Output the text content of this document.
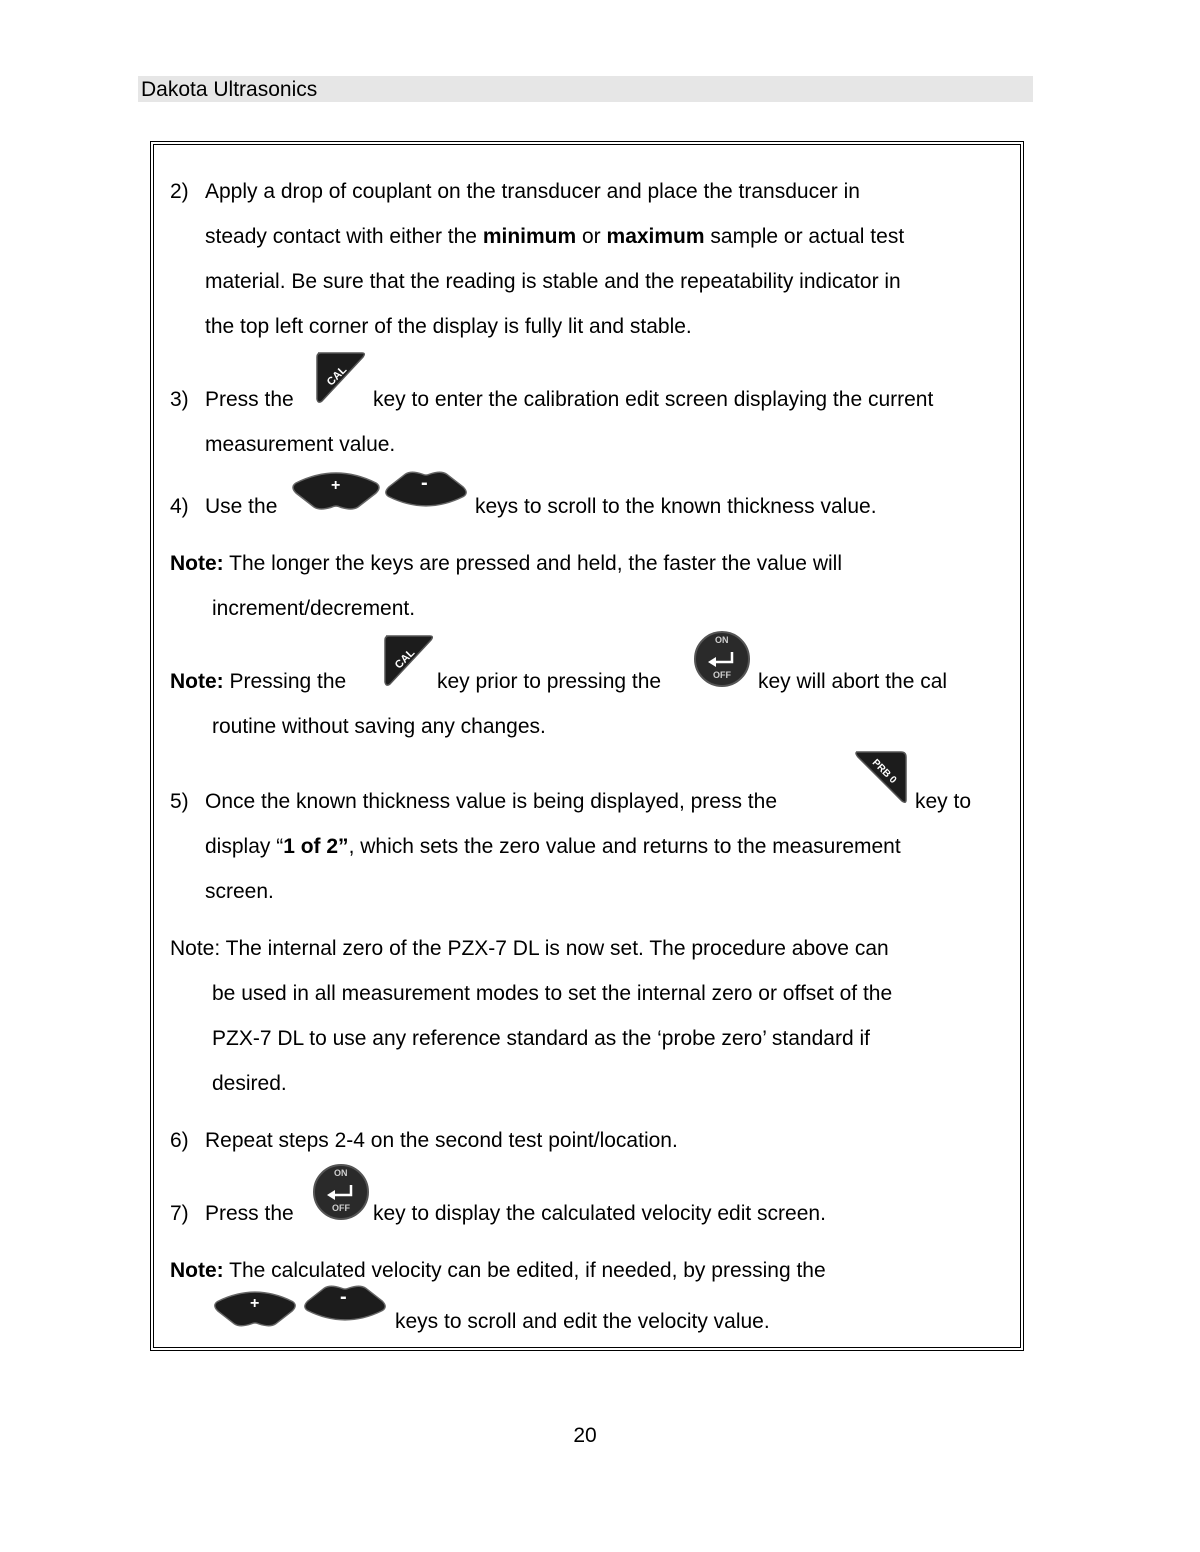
Dakota Ultrasonics
2) Apply a drop of couplant on the transducer and place the transducer in
steady contact with either the minimum or maximum sample or actual test
material. Be sure that the reading is stable and the repeatability indicator in
the top left corner of the display is fully lit and stable.
3) Press the
CAL
key to enter the calibration edit screen displaying the current
measurement value.
4) Use the
+	-
keys to scroll to the known thickness value.
Note: The longer the keys are pressed and held, the faster the value will
increment/decrement.
Note: Pressing the
CAL
key prior to pressing the
ON
OFF key will abort the cal
routine without saving any changes.
5) Once the known thickness value is being displayed, press the
PRB 0
key to
display “1 of 2”, which sets the zero value and returns to the measurement
screen.
Note: The internal zero of the PZX-7 DL is now set. The procedure above can
be used in all measurement modes to set the internal zero or offset of the
PZX-7 DL to use any reference standard as the ‘probe zero’ standard if
desired.
6) Repeat steps 2-4 on the second test point/location.
7) Press the
ON
OFF key to display the calculated velocity edit screen.
Note: The calculated velocity can be edited, if needed, by pressing the
+	-
keys to scroll and edit the velocity value.
20
